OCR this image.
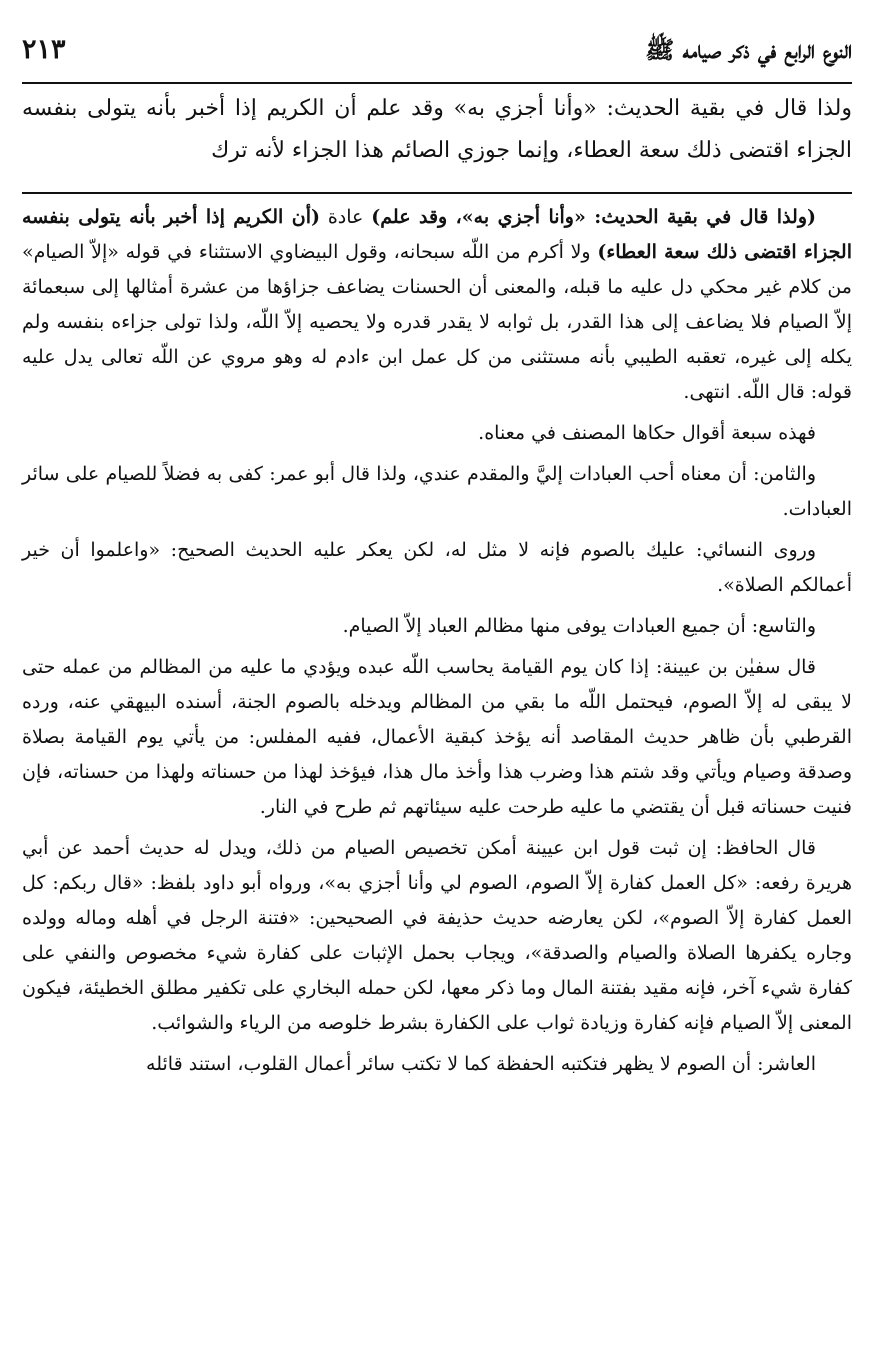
النوع الرابع في ذكر صيامه ﷺ
٢١٣
ولذا قال في بقية الحديث: «وأنا أجزي به» وقد علم أن الكريم إذا أخبر بأنه يتولى بنفسه الجزاء اقتضى ذلك سعة العطاء، وإنما جوزي الصائم هذا الجزاء لأنه ترك

(ولذا قال في بقية الحديث: «وأنا أجزي به»، وقد علم) عادة (أن الكريم إذا أخبر بأنه يتولى بنفسه الجزاء اقتضى ذلك سعة العطاء) ولا أكرم من اللّه سبحانه، وقول البيضاوي الاستثناء في قوله «إلاّ الصيام» من كلام غير محكي دل عليه ما قبله، والمعنى أن الحسنات يضاعف جزاؤها من عشرة أمثالها إلى سبعمائة إلاّ الصيام فلا يضاعف إلى هذا القدر، بل ثوابه لا يقدر قدره ولا يحصيه إلاّ اللّه، ولذا تولى جزاءه بنفسه ولم يكله إلى غيره، تعقبه الطيبي بأنه مستثنى من كل عمل ابن ءادم له وهو مروي عن اللّه تعالى يدل عليه قوله: قال اللّه. انتهى.

فهذه سبعة أقوال حكاها المصنف في معناه.

والثامن: أن معناه أحب العبادات إليَّ والمقدم عندي، ولذا قال أبو عمر: كفى به فضلاً للصيام على سائر العبادات.

وروى النسائي: عليك بالصوم فإنه لا مثل له، لكن يعكر عليه الحديث الصحيح: «واعلموا أن خير أعمالكم الصلاة».

والتاسع: أن جميع العبادات يوفى منها مظالم العباد إلاّ الصيام.

قال سفيٰن بن عيينة: إذا كان يوم القيامة يحاسب اللّه عبده ويؤدي ما عليه من المظالم من عمله حتى لا يبقى له إلاّ الصوم، فيحتمل اللّه ما بقي من المظالم ويدخله بالصوم الجنة، أسنده البيهقي عنه، ورده القرطبي بأن ظاهر حديث المقاصد أنه يؤخذ كبقية الأعمال، ففيه المفلس: من يأتي يوم القيامة بصلاة وصدقة وصيام ويأتي وقد شتم هذا وضرب هذا وأخذ مال هذا، فيؤخذ لهذا من حسناته ولهذا من حسناته، فإن فنيت حسناته قبل أن يقتضي ما عليه طرحت عليه سيئاتهم ثم طرح في النار.

قال الحافظ: إن ثبت قول ابن عيينة أمكن تخصيص الصيام من ذلك، ويدل له حديث أحمد عن أبي هريرة رفعه: «كل العمل كفارة إلاّ الصوم، الصوم لي وأنا أجزي به»، ورواه أبو داود بلفظ: «قال ربكم: كل العمل كفارة إلاّ الصوم»، لكن يعارضه حديث حذيفة في الصحيحين: «فتنة الرجل في أهله وماله وولده وجاره يكفرها الصلاة والصيام والصدقة»، ويجاب بحمل الإثبات على كفارة شيء مخصوص والنفي على كفارة شيء آخر، فإنه مقيد بفتنة المال وما ذكر معها، لكن حمله البخاري على تكفير مطلق الخطيئة، فيكون المعنى إلاّ الصيام فإنه كفارة وزيادة ثواب على الكفارة بشرط خلوصه من الرياء والشوائب.

العاشر: أن الصوم لا يظهر فتكتبه الحفظة كما لا تكتب سائر أعمال القلوب، استند قائله
